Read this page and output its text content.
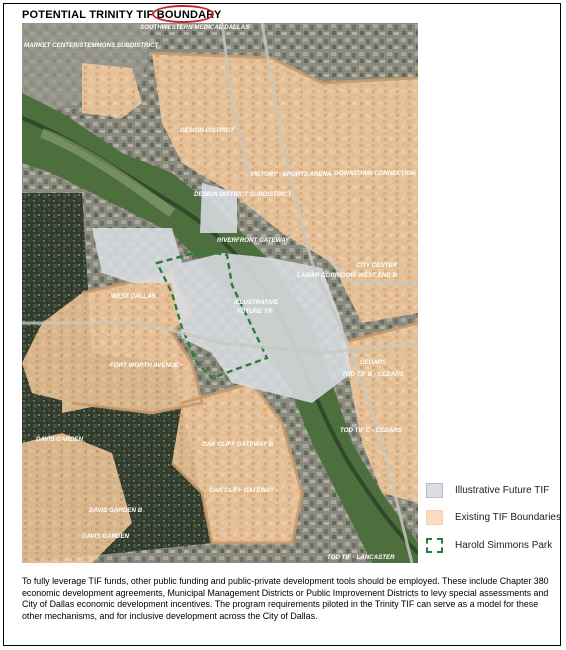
POTENTIAL TRINITY TIF
BOUNDARY
SOUTHWESTERN MEDICAL DALLAS
MARKET CENTER/STEMMONS SUBDISTRICT
DESIGN DISTRICT
VICTORY - SPORTS ARENA DOWNTOWN CONNECTION
DESIGN DISTRICT SUBDISTRICT
RIVERFRONT GATEWAY
CITY CENTER
LAMAR CORRIDOR/ WEST END B
WEST DALLAS
ILLUSTRATIVE
FUTURE TIF
FORT WORTH AVENUE -	CEDARS
TOD TIF B - CEDARS
DAVIS GARDEN
TOD TIF C - CEDARS
OAK CLIFF GATEWAY B
OAK CLIFF GATEWAY -
DAVIS GARDEN B
DAVIS GARDEN
TOD TIF - LANCASTER
Illustrative Future TIF
Existing TIF Boundaries
Harold Simmons Park
To fully leverage TIF funds, other public funding and public-private development tools should be employed. These include Chapter 380 economic development agreements, Municipal Management Districts or Public Improvement Districts to levy special assessments and City of Dallas economic development incentives. The program requirements piloted in the Trinity TIF can serve as a model for these other mechanisms, and for inclusive development across the City of Dallas.
